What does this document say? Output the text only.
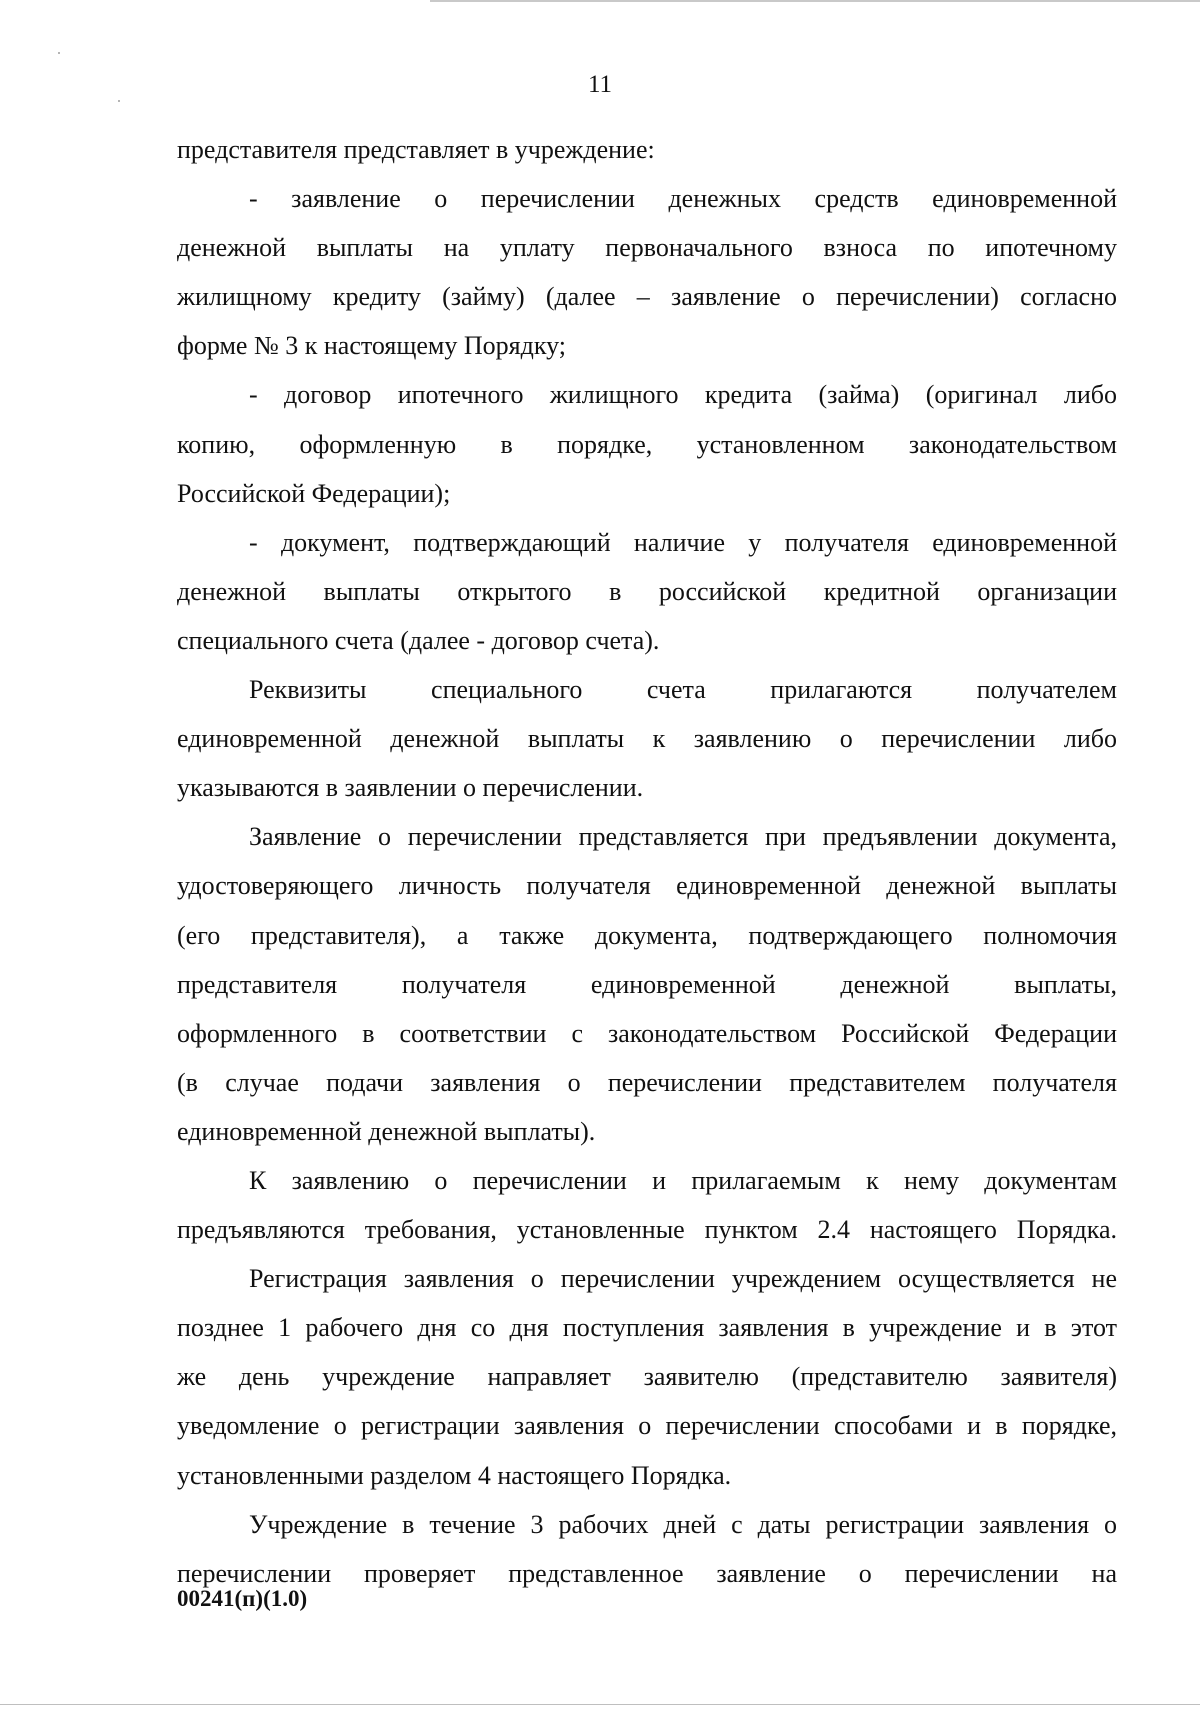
11
представителя представляет в учреждение:
- заявление о перечислении денежных средств единовременной
денежной выплаты на уплату первоначального взноса по ипотечному
жилищному кредиту (займу) (далее – заявление о перечислении) согласно
форме № 3 к настоящему Порядку;
- договор ипотечного жилищного кредита (займа) (оригинал либо
копию, оформленную в порядке, установленном законодательством
Российской Федерации);
- документ, подтверждающий наличие у получателя единовременной
денежной выплаты открытого в российской кредитной организации
специального счета (далее - договор счета).
Реквизиты специального счета прилагаются получателем
единовременной денежной выплаты к заявлению о перечислении либо
указываются в заявлении о перечислении.
Заявление о перечислении представляется при предъявлении документа,
удостоверяющего личность получателя единовременной денежной выплаты
(его представителя), а также документа, подтверждающего полномочия
представителя получателя единовременной денежной выплаты,
оформленного в соответствии с законодательством Российской Федерации
(в случае подачи заявления о перечислении представителем получателя
единовременной денежной выплаты).
К заявлению о перечислении и прилагаемым к нему документам
предъявляются требования, установленные пунктом 2.4 настоящего Порядка.
Регистрация заявления о перечислении учреждением осуществляется не
позднее 1 рабочего дня со дня поступления заявления в учреждение и в этот
же день учреждение направляет заявителю (представителю заявителя)
уведомление о регистрации заявления о перечислении способами и в порядке,
установленными разделом 4 настоящего Порядка.
Учреждение в течение 3 рабочих дней с даты регистрации заявления о
перечислении проверяет представленное заявление о перечислении на
00241(п)(1.0)
